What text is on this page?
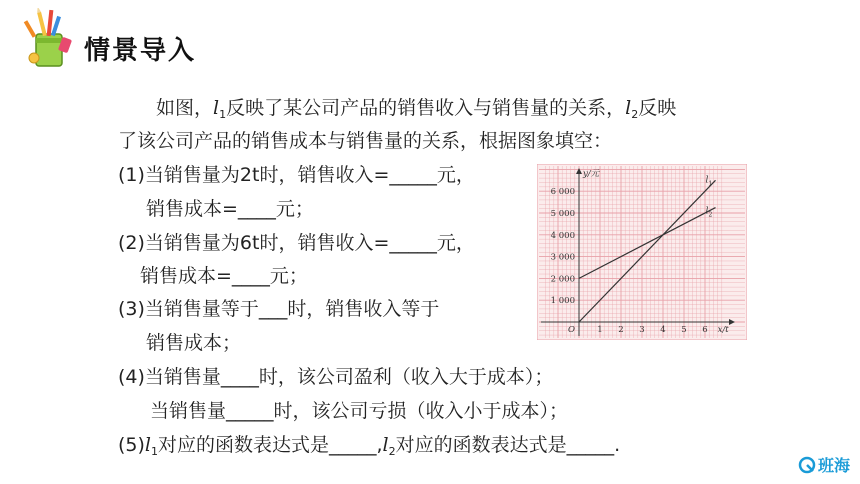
情景导入
如图，$l_1$反映了某公司产品的销售收入与销售量的关系，$l_2$反映
了该公司产品的销售成本与销售量的关系，根据图象填空：
(1)当销售量为2t时，销售收入=_____元，
销售成本=____元；
(2)当销售量为6t时，销售收入=_____元，
销售成本=____元；
(3)当销售量等于___时，销售收入等于
销售成本；
(4)当销售量____时，该公司盈利（收入大于成本）；
当销售量_____时，该公司亏损（收入小于成本）；
$(5)l_1$对应的函数表达式是$\_\_\_\_\_,l_2$对应的函数表达式是_____.
1 2 3 4 5 6
1 000
2 000
3 000
4 000
5 000
6 000
O	x/t
y/元
l 1
l 2
班海
